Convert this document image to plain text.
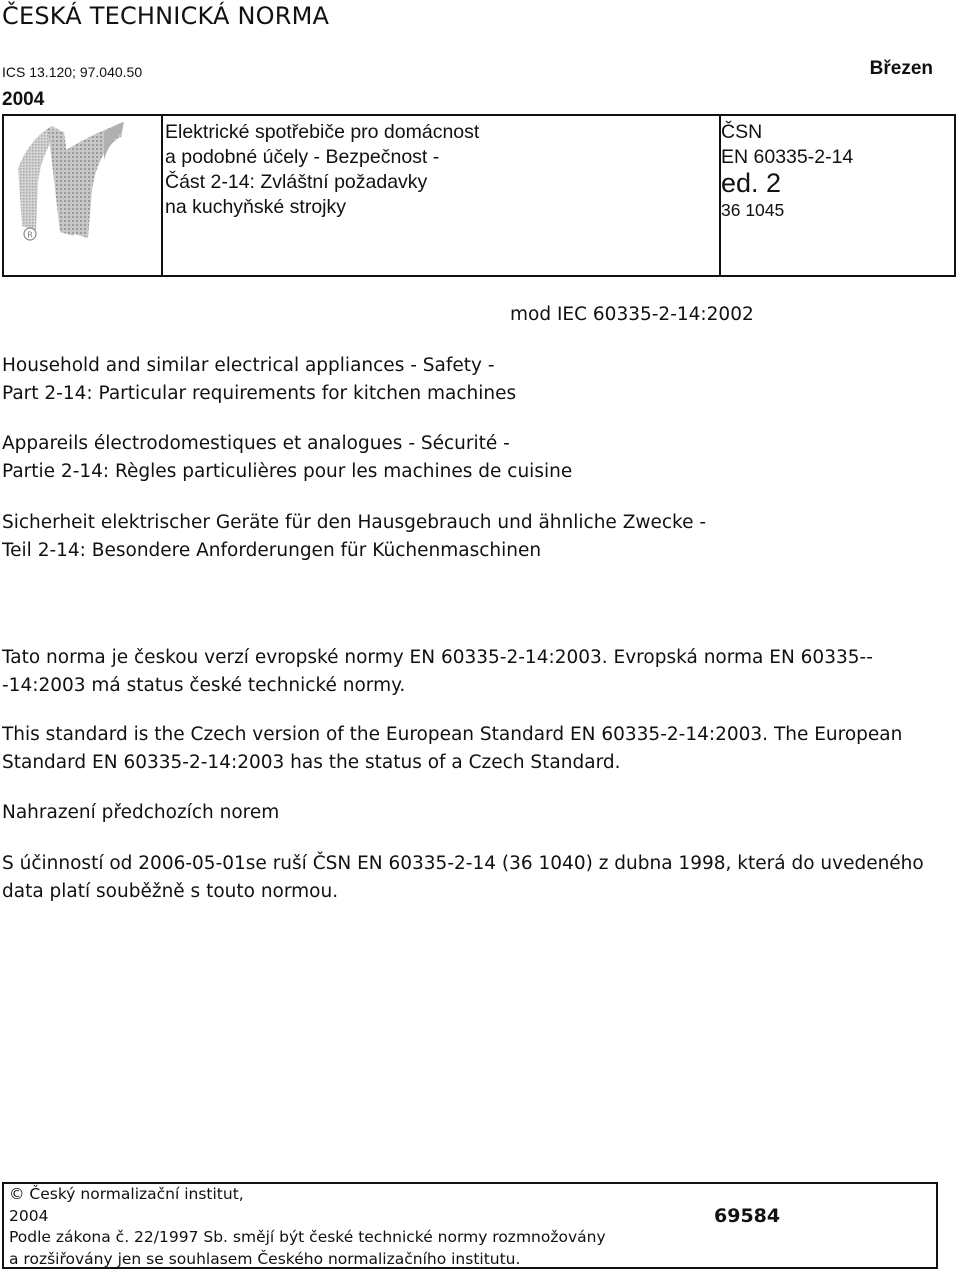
ČESKÁ TECHNICKÁ NORMA
ICS 13.120; 97.040.50	Březen
2004
R
Elektrické spotřebiče pro domácnost
a podobné účely - Bezpečnost -
Část 2-14: Zvláštní požadavky
na kuchyňské strojky
ČSN
EN 60335-2-14
ed. 2
36 1045
mod IEC 60335-2-14:2002
Household and similar electrical appliances - Safety -
Part 2-14: Particular requirements for kitchen machines
Appareils électrodomestiques et analogues - Sécurité -
Partie 2-14: Règles particulières pour les machines de cuisine
Sicherheit elektrischer Geräte für den Hausgebrauch und ähnliche Zwecke -
Teil 2-14: Besondere Anforderungen für Küchenmaschinen
Tato norma je českou verzí evropské normy EN 60335-2-14:2003. Evropská norma EN 60335--
-14:2003 má status české technické normy.
This standard is the Czech version of the European Standard EN 60335-2-14:2003. The European
Standard EN 60335-2-14:2003 has the status of a Czech Standard.
Nahrazení předchozích norem
S účinností od 2006-05-01se ruší ČSN EN 60335-2-14 (36 1040) z dubna 1998, která do uvedeného
data platí souběžně s touto normou.
69584
© Český normalizační institut,
2004
Podle zákona č. 22/1997 Sb. smějí být české technické normy rozmnožovány
a rozšiřovány jen se souhlasem Českého normalizačního institutu.
